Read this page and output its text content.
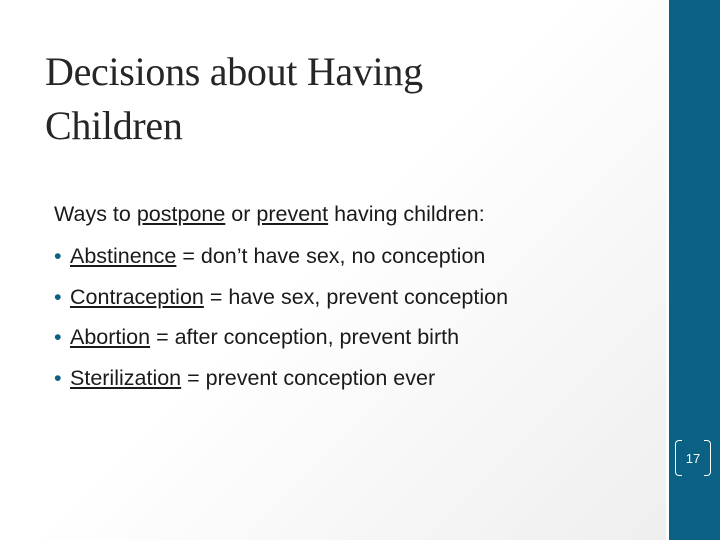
Decisions about Having
Children
Ways to postpone or prevent having children:
• Abstinence = don’t have sex, no conception
• Contraception = have sex, prevent conception
• Abortion = after conception, prevent birth
• Sterilization = prevent conception ever
17
